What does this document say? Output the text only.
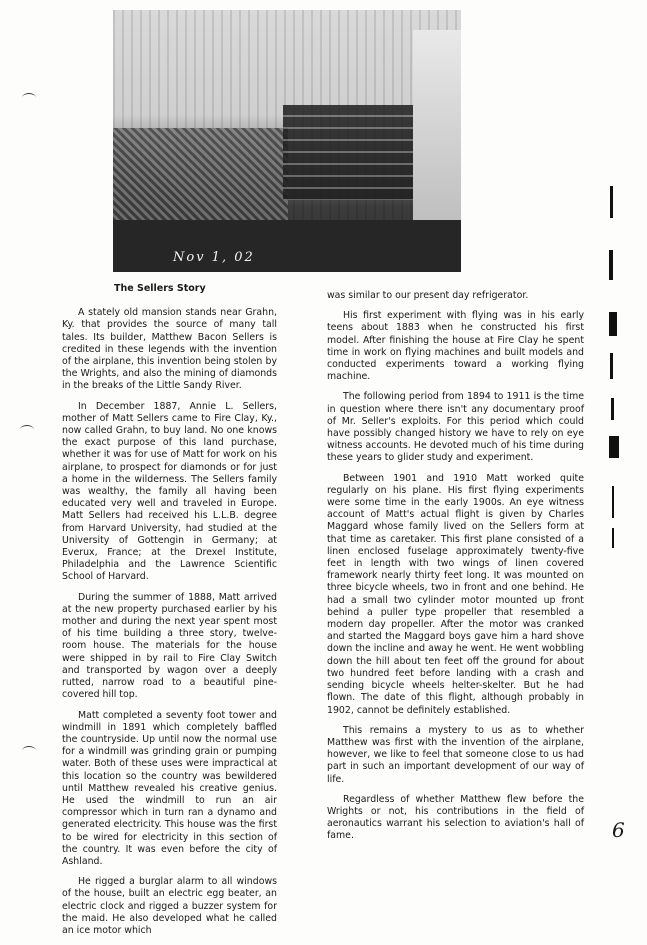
Nov 1, 02
The Sellers Story

A stately old mansion stands near Grahn, Ky. that provides the source of many tall tales. Its builder, Matthew Bacon Sellers is credited in these legends with the invention of the airplane, this invention being stolen by the Wrights, and also the mining of diamonds in the breaks of the Little Sandy River.

In December 1887, Annie L. Sellers, mother of Matt Sellers came to Fire Clay, Ky., now called Grahn, to buy land. No one knows the exact purpose of this land purchase, whether it was for use of Matt for work on his airplane, to prospect for diamonds or for just a home in the wilderness. The Sellers family was wealthy, the family all having been educated very well and traveled in Europe. Matt Sellers had received his L.L.B. degree from Harvard University, had studied at the University of Gottengin in Germany; at Everux, France; at the Drexel Institute, Philadelphia and the Lawrence Scientific School of Harvard.

During the summer of 1888, Matt arrived at the new property purchased earlier by his mother and during the next year spent most of his time building a three story, twelve-room house. The materials for the house were shipped in by rail to Fire Clay Switch and transported by wagon over a deeply rutted, narrow road to a beautiful pine-covered hill top.

Matt completed a seventy foot tower and windmill in 1891 which completely baffled the countryside. Up until now the normal use for a windmill was grinding grain or pumping water. Both of these uses were impractical at this location so the country was bewildered until Matthew revealed his creative genius. He used the windmill to run an air compressor which in turn ran a dynamo and generated electricity. This house was the first to be wired for electricity in this section of the country. It was even before the city of Ashland.

He rigged a burglar alarm to all windows of the house, built an electric egg beater, an electric clock and rigged a buzzer system for the maid. He also developed what he called an ice motor which

was similar to our present day refrigerator.

His first experiment with flying was in his early teens about 1883 when he constructed his first model. After finishing the house at Fire Clay he spent time in work on flying machines and built models and conducted experiments toward a working flying machine.

The following period from 1894 to 1911 is the time in question where there isn't any documentary proof of Mr. Seller's exploits. For this period which could have possibly changed history we have to rely on eye witness accounts. He devoted much of his time during these years to glider study and experiment.

Between 1901 and 1910 Matt worked quite regularly on his plane. His first flying experiments were some time in the early 1900s. An eye witness account of Matt's actual flight is given by Charles Maggard whose family lived on the Sellers form at that time as caretaker. This first plane consisted of a linen enclosed fuselage approximately twenty-five feet in length with two wings of linen covered framework nearly thirty feet long. It was mounted on three bicycle wheels, two in front and one behind. He had a small two cylinder motor mounted up front behind a puller type propeller that resembled a modern day propeller. After the motor was cranked and started the Maggard boys gave him a hard shove down the incline and away he went. He went wobbling down the hill about ten feet off the ground for about two hundred feet before landing with a crash and sending bicycle wheels helter-skelter. But he had flown. The date of this flight, although probably in 1902, cannot be definitely established.

This remains a mystery to us as to whether Matthew was first with the invention of the airplane, however, we like to feel that someone close to us had part in such an important development of our way of life.

Regardless of whether Matthew flew before the Wrights or not, his contributions in the field of aeronautics warrant his selection to aviation's hall of fame.	6
